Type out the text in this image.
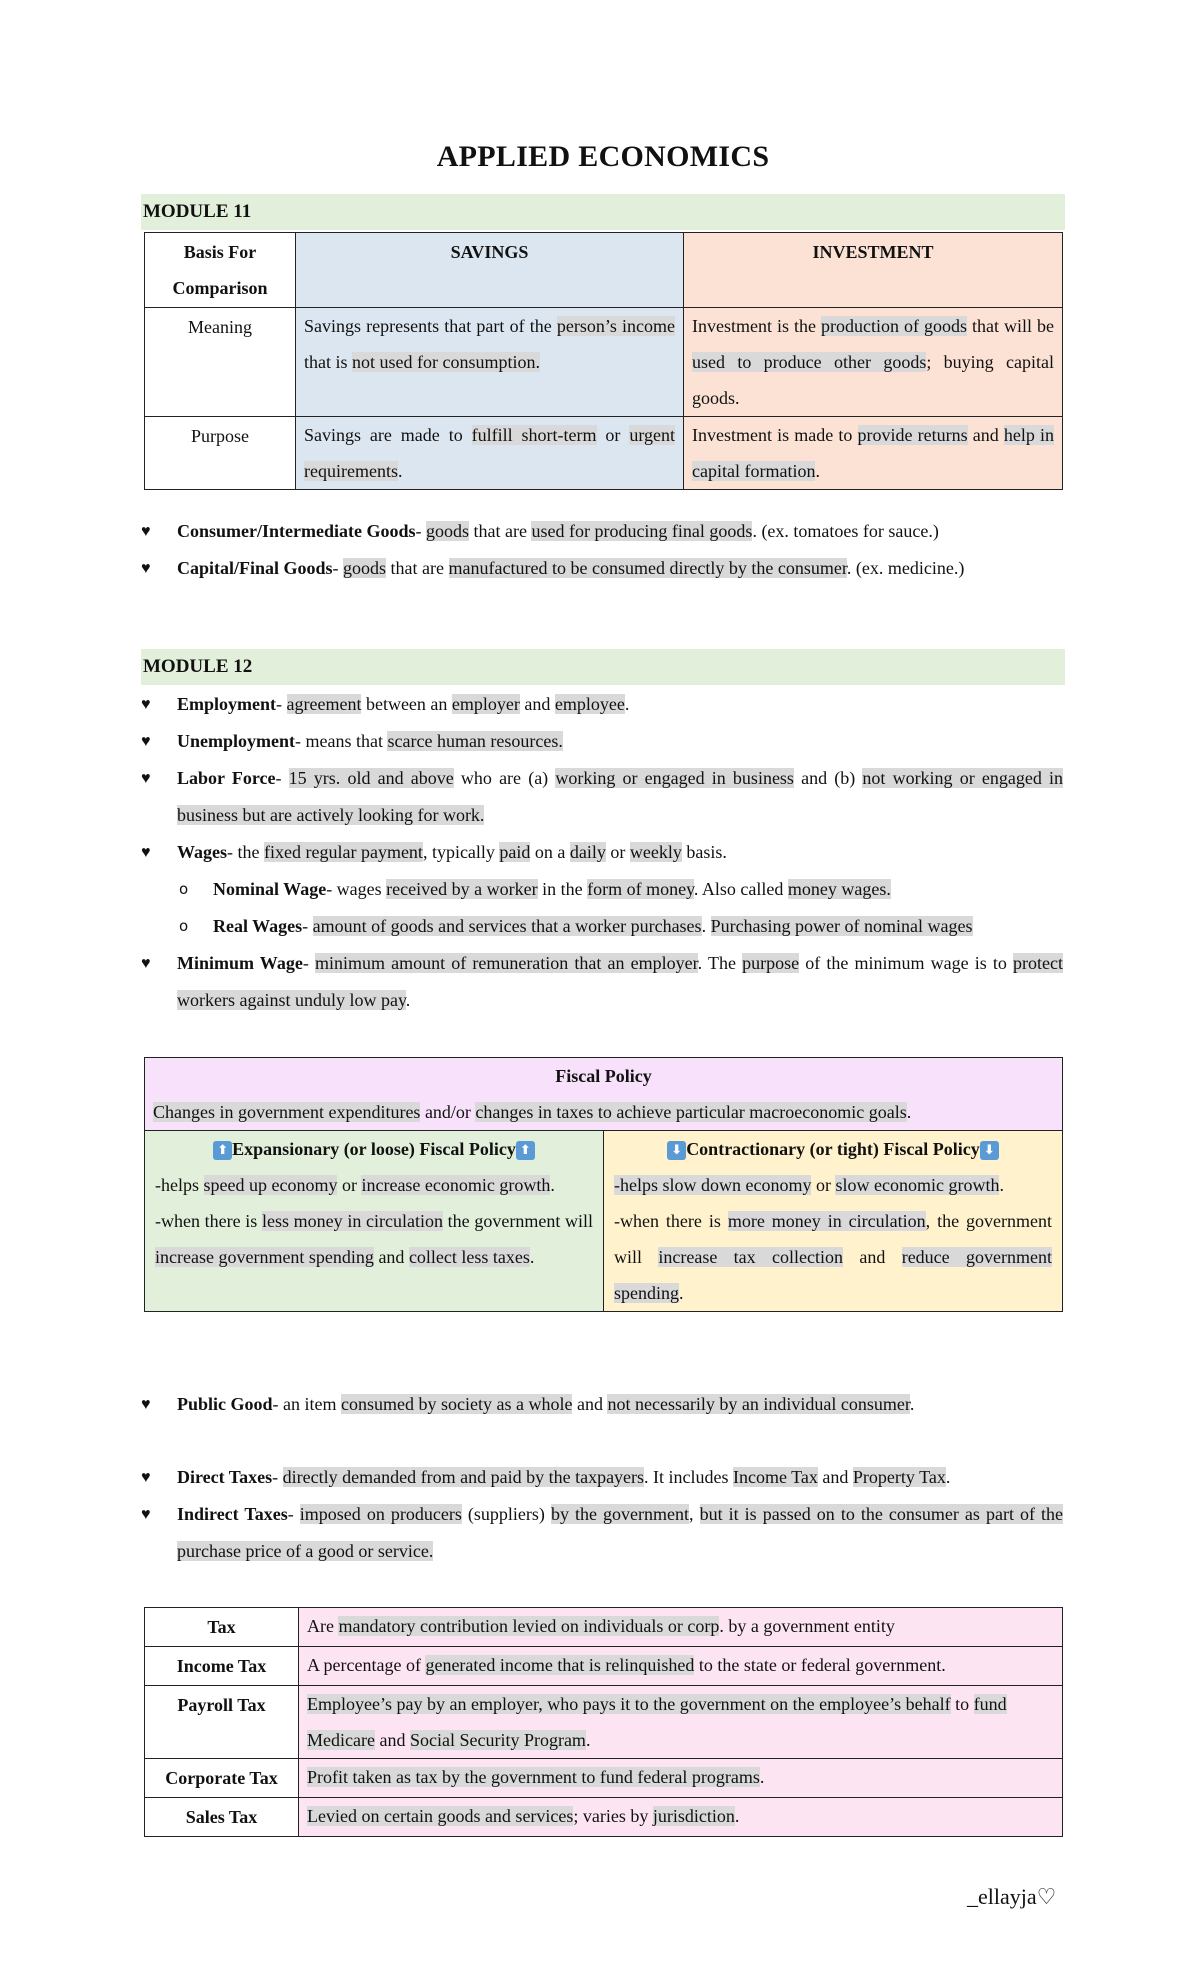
APPLIED ECONOMICS
MODULE 11
Basis For
Comparison	SAVINGS	INVESTMENT
Meaning	Savings represents that part of the person’s income that is not used for consumption.	Investment is the production of goods that will be used to produce other goods; buying capital goods.
Purpose	Savings are made to fulfill short-term or urgent requirements.	Investment is made to provide returns and help in capital formation.
♥ Consumer/Intermediate Goods- goods that are used for producing final goods. (ex. tomatoes for sauce.)
♥ Capital/Final Goods- goods that are manufactured to be consumed directly by the consumer. (ex. medicine.)
MODULE 12
♥ Employment- agreement between an employer and employee.
♥ Unemployment- means that scarce human resources.
♥ Labor Force- 15 yrs. old and above who are (a) working or engaged in business and (b) not working or engaged in business but are actively looking for work.
♥ Wages- the fixed regular payment, typically paid on a daily or weekly basis.
o Nominal Wage- wages received by a worker in the form of money. Also called money wages.
o Real Wages- amount of goods and services that a worker purchases. Purchasing power of nominal wages
♥ Minimum Wage- minimum amount of remuneration that an employer. The purpose of the minimum wage is to protect workers against unduly low pay.
Fiscal Policy
Changes in government expenditures and/or changes in taxes to achieve particular macroeconomic goals.

⬆ Expansionary (or loose) Fiscal Policy ⬆
-helps speed up economy or increase economic growth.
-when there is less money in circulation the government will increase government spending and collect less taxes.	
⬇ Contractionary (or tight) Fiscal Policy ⬇
-helps slow down economy or slow economic growth.
-when there is more money in circulation, the government will increase tax collection and reduce government spending.
♥ Public Good- an item consumed by society as a whole and not necessarily by an individual consumer.
♥ Direct Taxes- directly demanded from and paid by the taxpayers. It includes Income Tax and Property Tax.
♥ Indirect Taxes- imposed on producers (suppliers) by the government, but it is passed on to the consumer as part of the purchase price of a good or service.
Tax	Are mandatory contribution levied on individuals or corp. by a government entity
Income Tax	A percentage of generated income that is relinquished to the state or federal government.
Payroll Tax	Employee’s pay by an employer, who pays it to the government on the employee’s behalf to fund Medicare and Social Security Program.
Corporate Tax	Profit taken as tax by the government to fund federal programs.
Sales Tax	Levied on certain goods and services; varies by jurisdiction.
_ellayja♡
